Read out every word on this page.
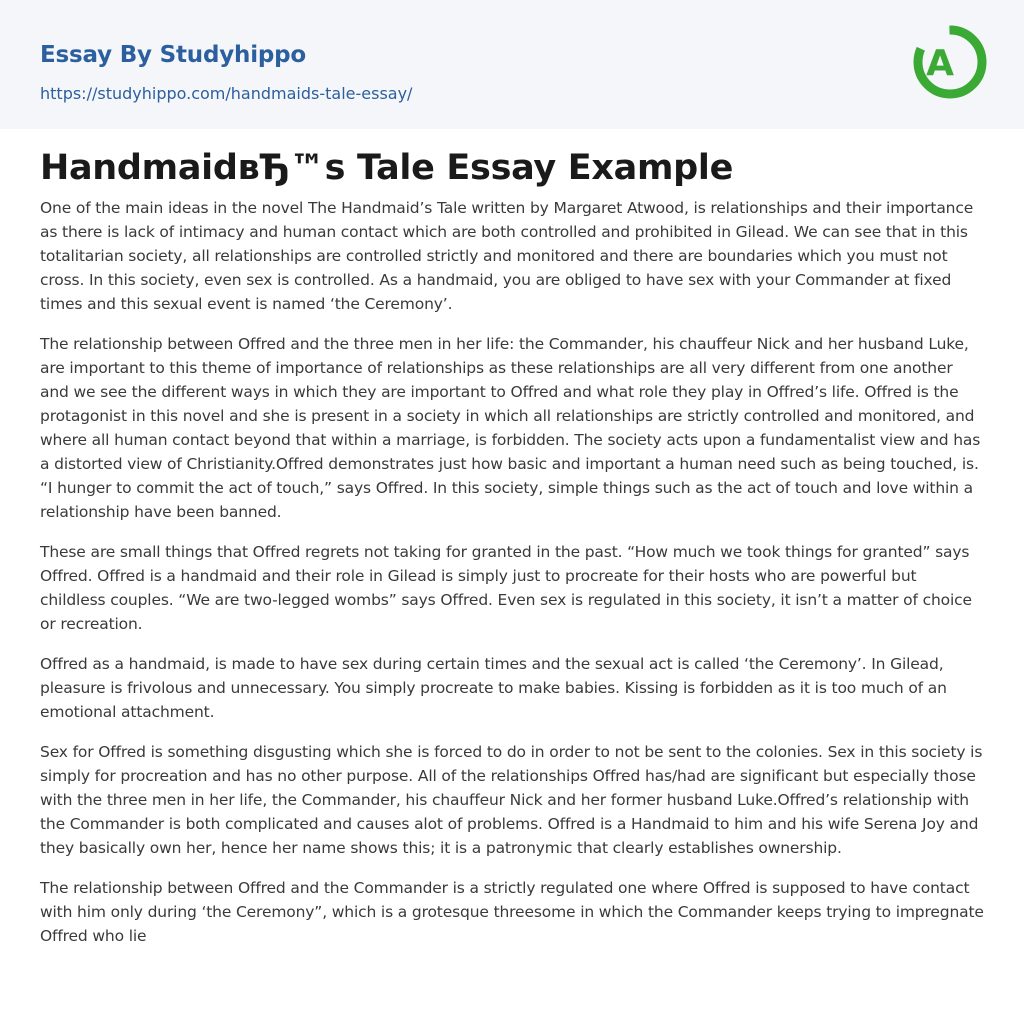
Essay By Studyhippo
https://studyhippo.com/handmaids-tale-essay/
A
HandmaidвЂ™s Tale Essay Example

One of the main ideas in the novel The Handmaid’s Tale written by Margaret Atwood, is relationships and their importance as there is lack of intimacy and human contact which are both controlled and prohibited in Gilead. We can see that in this totalitarian society, all relationships are controlled strictly and monitored and there are boundaries which you must not cross. In this society, even sex is controlled. As a handmaid, you are obliged to have sex with your Commander at fixed times and this sexual event is named ‘the Ceremony’.

The relationship between Offred and the three men in her life: the Commander, his chauffeur Nick and her husband Luke, are important to this theme of importance of relationships as these relationships are all very different from one another and we see the different ways in which they are important to Offred and what role they play in Offred’s life. Offred is the protagonist in this novel and she is present in a society in which all relationships are strictly controlled and monitored, and where all human contact beyond that within a marriage, is forbidden. The society acts upon a fundamentalist view and has a distorted view of Christianity.Offred demonstrates just how basic and important a human need such as being touched, is. “I hunger to commit the act of touch,” says Offred. In this society, simple things such as the act of touch and love within a relationship have been banned.

These are small things that Offred regrets not taking for granted in the past. “How much we took things for granted” says Offred. Offred is a handmaid and their role in Gilead is simply just to procreate for their hosts who are powerful but childless couples. “We are two-legged wombs” says Offred. Even sex is regulated in this society, it isn’t a matter of choice or recreation.

Offred as a handmaid, is made to have sex during certain times and the sexual act is called ‘the Ceremony’. In Gilead, pleasure is frivolous and unnecessary. You simply procreate to make babies. Kissing is forbidden as it is too much of an emotional attachment.

Sex for Offred is something disgusting which she is forced to do in order to not be sent to the colonies. Sex in this society is simply for procreation and has no other purpose. All of the relationships Offred has/had are significant but especially those with the three men in her life, the Commander, his chauffeur Nick and her former husband Luke.Offred’s relationship with the Commander is both complicated and causes alot of problems. Offred is a Handmaid to him and his wife Serena Joy and they basically own her, hence her name shows this; it is a patronymic that clearly establishes ownership.

The relationship between Offred and the Commander is a strictly regulated one where Offred is supposed to have contact with him only during ‘the Ceremony”, which is a grotesque threesome in which the Commander keeps trying to impregnate Offred who lie
